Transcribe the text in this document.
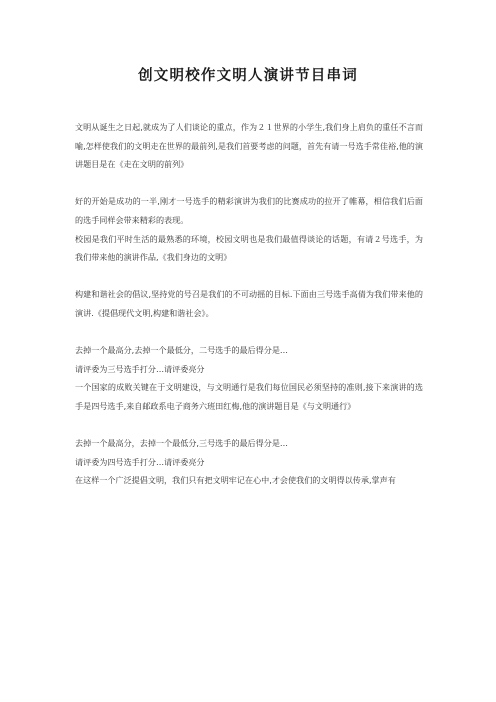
创文明校作文明人演讲节目串词

文明从诞生之日起,就成为了人们谈论的重点，作为２１世界的小学生,我们身上肩负的重任不言而喻,怎样使我们的文明走在世界的最前列,是我们首要考虑的问题，首先有请一号选手常佳裕,他的演讲题目是在《走在文明的前列》

好的开始是成功的一半,刚才一号选手的精彩演讲为我们的比赛成功的拉开了帷幕，相信我们后面的选手同样会带来精彩的表现。

校园是我们平时生活的最熟悉的环境，校园文明也是我们最值得谈论的话题，有请２号选手，为我们带来他的演讲作品,《我们身边的文明》

构建和谐社会的倡议,坚持党的号召是我们的不可动摇的目标.下面由三号选手高倩为我们带来他的演讲.《提倡现代文明,构建和谐社会》。

去掉一个最高分,去掉一个最低分，二号选手的最后得分是…

请评委为三号选手打分…请评委亮分

一个国家的成败关键在于文明建设，与文明通行是我们每位国民必须坚持的准则,接下来演讲的选手是四号选手,来自邮政系电子商务六班田红梅,他的演讲题目是《与文明通行》

去掉一个最高分，去掉一个最低分,三号选手的最后得分是…

请评委为四号选手打分…请评委亮分

在这样一个广泛提倡文明，我们只有把文明牢记在心中,才会使我们的文明得以传承,掌声有
